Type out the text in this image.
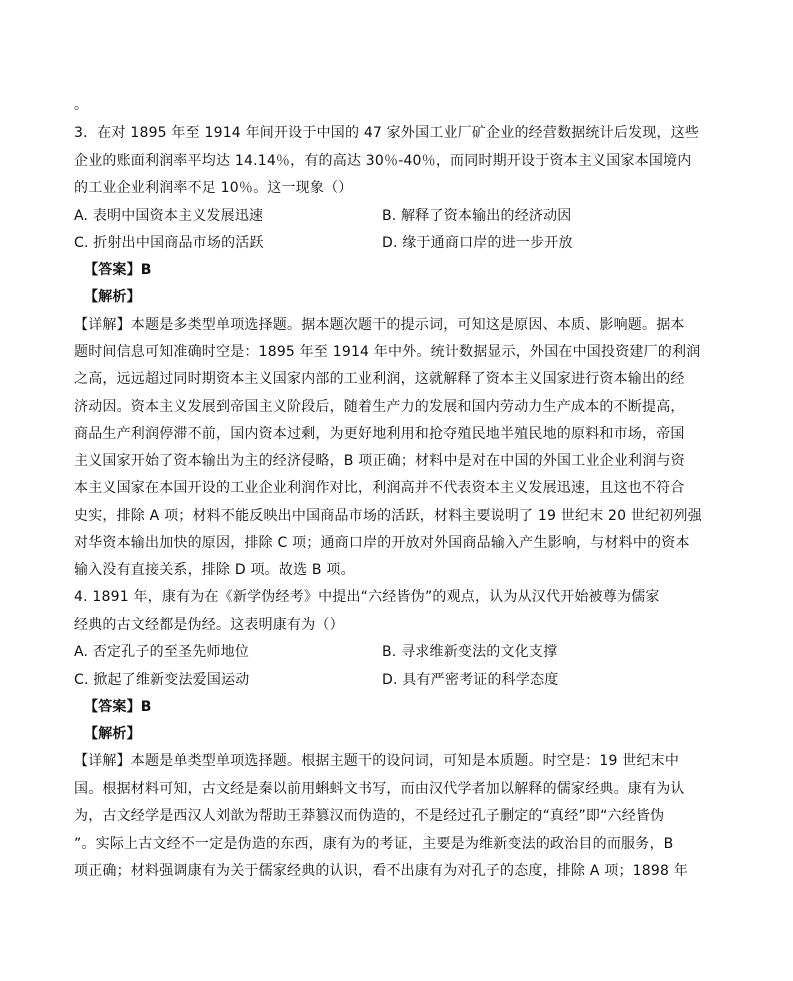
。
3．在对 1895 年至 1914 年间开设于中国的 47 家外国工业厂矿企业的经营数据统计后发现，这些
企业的账面利润率平均达 14.14％，有的高达 30％-40％，而同时期开设于资本主义国家本国境内
的工业企业利润率不足 10％。这一现象（）
A. 表明中国资本主义发展迅速	B. 解释了资本输出的经济动因
C. 折射出中国商品市场的活跃	D. 缘于通商口岸的进一步开放
【答案】B
【解析】
【详解】本题是多类型单项选择题。据本题次题干的提示词，可知这是原因、本质、影响题。据本
题时间信息可知准确时空是：1895 年至 1914 年中外。统计数据显示，外国在中国投资建厂的利润
之高，远远超过同时期资本主义国家内部的工业利润，这就解释了资本主义国家进行资本输出的经
济动因。资本主义发展到帝国主义阶段后，随着生产力的发展和国内劳动力生产成本的不断提高，
商品生产利润停滞不前，国内资本过剩，为更好地利用和抢夺殖民地半殖民地的原料和市场，帝国
主义国家开始了资本输出为主的经济侵略，B 项正确；材料中是对在中国的外国工业企业利润与资
本主义国家在本国开设的工业企业利润作对比，利润高并不代表资本主义发展迅速，且这也不符合
史实，排除 A 项；材料不能反映出中国商品市场的活跃，材料主要说明了 19 世纪末 20 世纪初列强
对华资本输出加快的原因，排除 C 项；通商口岸的开放对外国商品输入产生影响，与材料中的资本
输入没有直接关系，排除 D 项。故选 B 项。
4. 1891 年，康有为在《新学伪经考》中提出“六经皆伪”的观点，认为从汉代开始被尊为儒家
经典的古文经都是伪经。这表明康有为（）
A. 否定孔子的至圣先师地位	B. 寻求维新变法的文化支撑
C. 掀起了维新变法爱国运动	D. 具有严密考证的科学态度
【答案】B
【解析】
【详解】本题是单类型单项选择题。根据主题干的设问词，可知是本质题。时空是：19 世纪末中
国。根据材料可知，古文经是秦以前用蝌蚪文书写，而由汉代学者加以解释的儒家经典。康有为认
为，古文经学是西汉人刘歆为帮助王莽篡汉而伪造的，不是经过孔子删定的“真经”即“六经皆伪
”。实际上古文经不一定是伪造的东西，康有为的考证，主要是为维新变法的政治目的而服务，B
项正确；材料强调康有为关于儒家经典的认识，看不出康有为对孔子的态度，排除 A 项；1898 年
